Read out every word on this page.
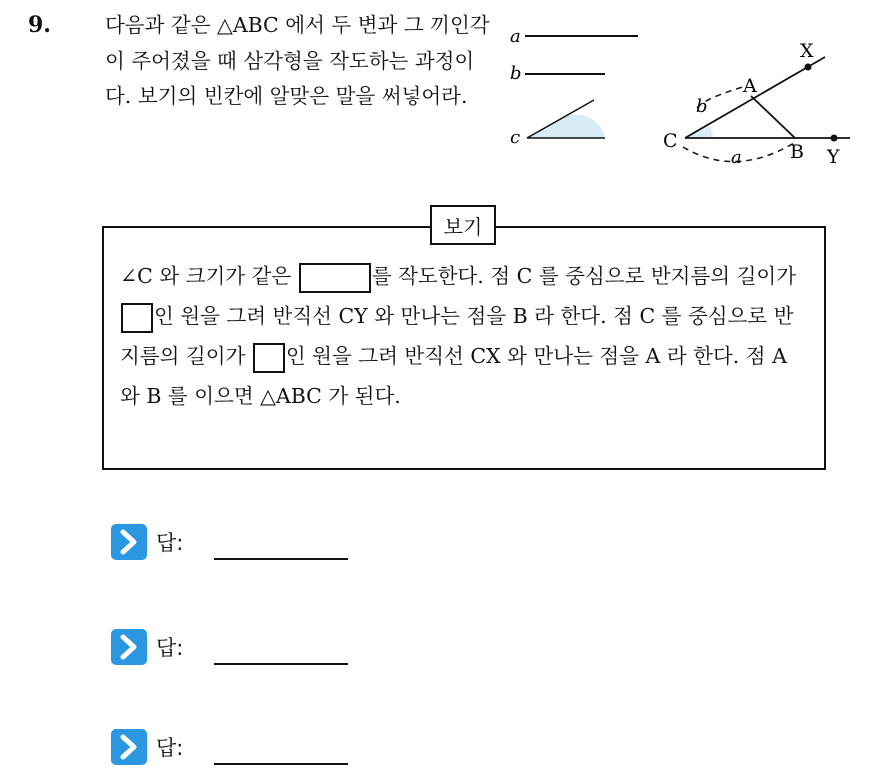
9.	다음과 같은 △ABC 에서 두 변과 그 끼인각이 주어졌을 때 삼각형을 작도하는 과정이다. 보기의 빈칸에 알맞은 말을 써넣어라.
a
b
c
X
A
C	B Y
b
a
보기
∠C 와 크기가 같은	를 작도한다. 점 C 를 중심으로 반지름의 길이가 인 원을 그려 반직선 CY 와 만나는 점을 B 라 한다. 점 C 를 중심으로 반지름의 길이가 인 원을 그려 반직선 CX 와 만나는 점을 A 라 한다. 점 A 와 B 를 이으면 △ABC 가 된다.
답:
답:
답:
